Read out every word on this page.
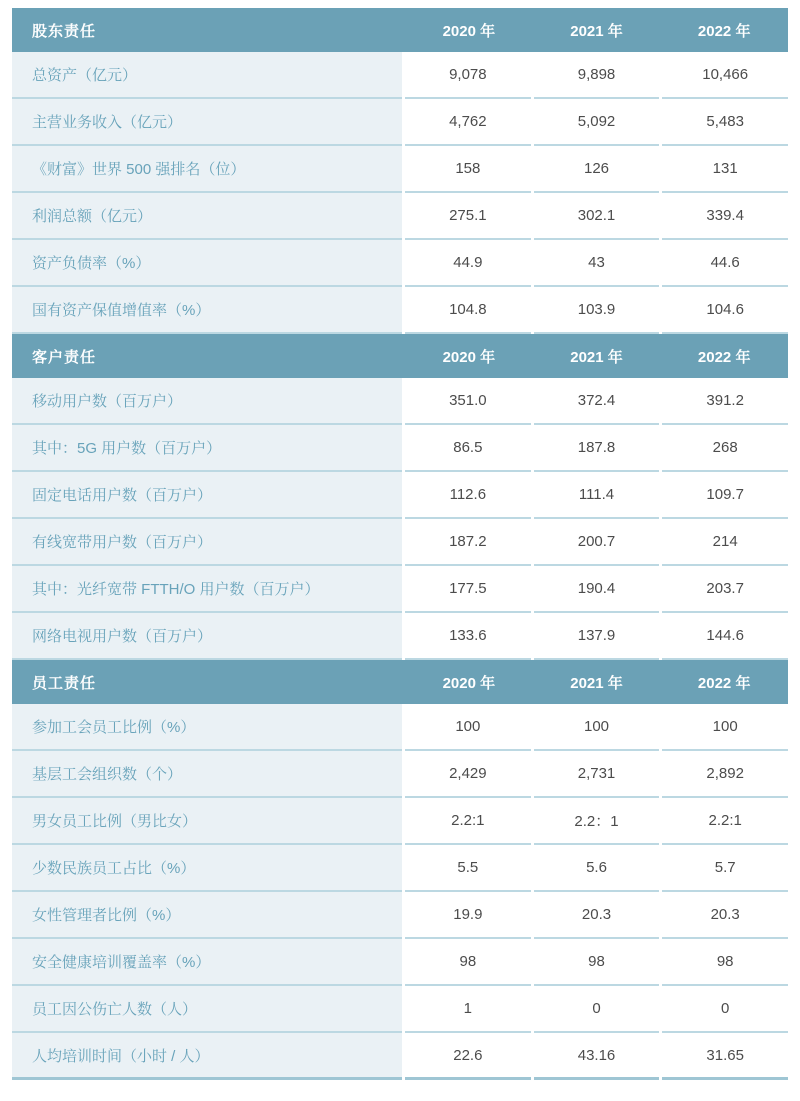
股东责任	2020 年	2021 年	2022 年
总资产（亿元）	9,078	9,898	10,466
主营业务收入（亿元）	4,762	5,092	5,483
《财富》世界 500 强排名（位）	158	126	131
利润总额（亿元）	275.1	302.1	339.4
资产负债率（%）	44.9	43	44.6
国有资产保值增值率（%）	104.8	103.9	104.6
客户责任	2020 年	2021 年	2022 年
移动用户数（百万户）	351.0	372.4	391.2
其中：5G 用户数（百万户）	86.5	187.8	268
固定电话用户数（百万户）	112.6	111.4	109.7
有线宽带用户数（百万户）	187.2	200.7	214
其中：光纤宽带 FTTH/O 用户数（百万户）	177.5	190.4	203.7
网络电视用户数（百万户）	133.6	137.9	144.6
员工责任	2020 年	2021 年	2022 年
参加工会员工比例（%）	100	100	100
基层工会组织数（个）	2,429	2,731	2,892
男女员工比例（男比女）	2.2:1	2.2：1	2.2:1
少数民族员工占比（%）	5.5	5.6	5.7
女性管理者比例（%）	19.9	20.3	20.3
安全健康培训覆盖率（%）	98	98	98
员工因公伤亡人数（人）	1	0	0
人均培训时间（小时 / 人）	22.6	43.16	31.65
